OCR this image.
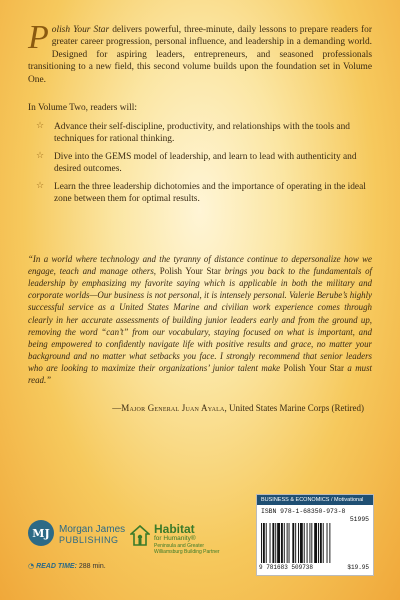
Polish Your Star delivers powerful, three-minute, daily lessons to prepare readers for greater career progression, personal influence, and leadership in a demanding world. Designed for aspiring leaders, entrepreneurs, and seasoned professionals transitioning to a new field, this second volume builds upon the foundation set in Volume One.

In Volume Two, readers will:
☆ Advance their self-discipline, productivity, and relationships with the tools and techniques for rational thinking.
☆ Dive into the GEMS model of leadership, and learn to lead with authenticity and desired outcomes.
☆ Learn the three leadership dichotomies and the importance of operating in the ideal zone between them for optimal results.

“In a world where technology and the tyranny of distance continue to depersonalize how we engage, teach and manage others, Polish Your Star brings you back to the fundamentals of leadership by emphasizing my favorite saying which is applicable in both the military and corporate worlds—Our business is not personal, it is intensely personal. Valerie Berube’s highly successful service as a United States Marine and civilian work experience comes through clearly in her accurate assessments of building junior leaders early and from the ground up, removing the word “can’t” from our vocabulary, staying focused on what is important, and being empowered to confidently navigate life with positive results and grace, no matter your background and no matter what setbacks you face. I strongly recommend that senior leaders who are looking to maximize their organizations’ junior talent make Polish Your Star a must read.”

—Major General Juan Ayala, United States Marine Corps (Retired)
MJ Morgan James
PUBLISHING
◔ READ TIME: 288 min.
Habitat
for Humanity®
Peninsula and Greater Williamsburg Building Partner
BUSINESS & ECONOMICS / Motivational
ISBN 978-1-68350-973-8
51995
9 781683 509738	$19.95
